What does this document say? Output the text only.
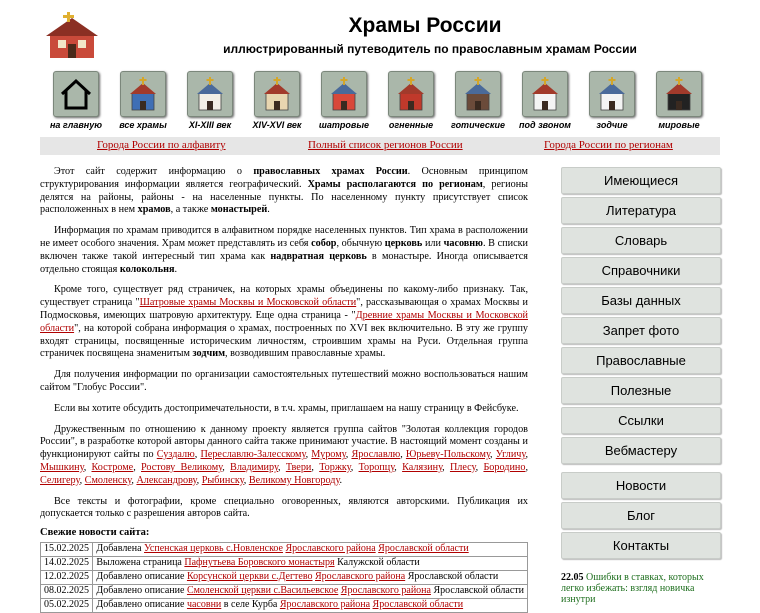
Храмы России
иллюстрированный путеводитель по православным храмам России
на главную	все храмы	XI-XIII век	XIV-XVI век	шатровые	огненные	готические	под звоном	зодчие	мировые
Города России по алфавиту	Полный список регионов России	Города России по регионам

Этот сайт содержит информацию о православных храмах России. Основным принципом структурирования информации является географический. Храмы располагаются по регионам, регионы делятся на районы, районы - на населенные пункты. По населенному пункту присутствует список расположенных в нем храмов, а также монастырей.

Информация по храмам приводится в алфавитном порядке населенных пунктов. Тип храма в расположении не имеет особого значения. Храм может представлять из себя собор, обычную церковь или часовню. В списки включен также такой интересный тип храма как надвратная церковь в монастыре. Иногда описывается отдельно стоящая колокольня.

Кроме того, существует ряд страничек, на которых храмы объединены по какому-либо признаку. Так, существует страница "Шатровые храмы Москвы и Московской области", рассказывающая о храмах Москвы и Подмосковья, имеющих шатровую архитектуру. Еще одна страница - "Древние храмы Москвы и Московской области", на которой собрана информация о храмах, построенных по XVI век включительно. В эту же группу входят страницы, посвященные историческим личностям, строившим храмы на Руси. Отдельная группа страничек посвящена знаменитым зодчим, возводившим православные храмы.

Для получения информации по организации самостоятельных путешествий можно воспользоваться нашим сайтом "Глобус России".

Если вы хотите обсудить достопримечательности, в т.ч. храмы, приглашаем на нашу страницу в Фейсбуке.

Дружественным по отношению к данному проекту является группа сайтов "Золотая коллекция городов России", в разработке которой авторы данного сайта также принимают участие. В настоящий момент созданы и функционируют сайты по Суздалю, Переславлю-Залесскому, Мурому, Ярославлю, Юрьеву-Польскому, Угличу, Мышкину, Костроме, Ростову Великому, Владимиру, Твери, Торжку, Торопцу, Калязину, Плесу, Бородино, Селигеру, Смоленску, Александрову, Рыбинску, Великому Новгороду.

Все тексты и фотографии, кроме специально оговоренных, являются авторскими. Публикация их допускается только с разрешения авторов сайта.

Свежие новости сайта:
15.02.2025	Добавлена Успенская церковь с.Новленское Ярославского района Ярославской области
14.02.2025	Выложена страница Пафнутьева Боровского монастыря Калужской области
12.02.2025	Добавлено описание Корсунской церкви с.Дегтево Ярославского района Ярославской области
08.02.2025	Добавлено описание Смоленской церкви с.Васильевское Ярославского района Ярославской области
05.02.2025	Добавлено описание часовни в селе Курба Ярославского района Ярославской области
Имеющиеся
Литература
Словарь
Справочники
Базы данных
Запрет фото
Православные
Полезные
Ссылки
Вебмастеру
Новости
Блог
Контакты
22.05 Ошибки в ставках, которых легко избежать: взгляд новичка изнутри
